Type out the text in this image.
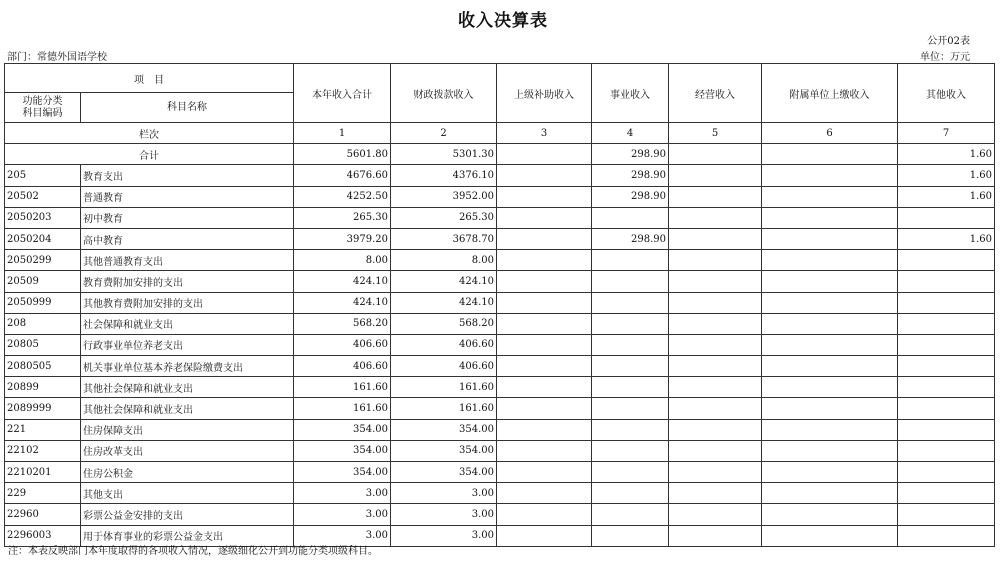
收入决算表
公开02表
部门：常德外国语学校	单位：万元
项　目		本年收入合计	财政拨款收入	上级补助收入	事业收入	经营收入	附属单位上缴收入	其他收入
功能分类
科目编码	科目名称							
栏次		1	2	3	4	5	6	7
合计		5601.80	5301.30		298.90			1.60
205	教育支出	4676.60	4376.10		298.90			1.60
20502	普通教育	4252.50	3952.00		298.90			1.60
2050203	初中教育	265.30	265.30					
2050204	高中教育	3979.20	3678.70		298.90			1.60
2050299	其他普通教育支出	8.00	8.00					
20509	教育费附加安排的支出	424.10	424.10					
2050999	其他教育费附加安排的支出	424.10	424.10					
208	社会保障和就业支出	568.20	568.20					
20805	行政事业单位养老支出	406.60	406.60					
2080505	机关事业单位基本养老保险缴费支出	406.60	406.60					
20899	其他社会保障和就业支出	161.60	161.60					
2089999	其他社会保障和就业支出	161.60	161.60					
221	住房保障支出	354.00	354.00					
22102	住房改革支出	354.00	354.00					
2210201	住房公积金	354.00	354.00					
229	其他支出	3.00	3.00					
22960	彩票公益金安排的支出	3.00	3.00					
2296003	用于体育事业的彩票公益金支出	3.00	3.00					
注：本表反映部门本年度取得的各项收入情况，逐级细化公开到功能分类项级科目。
